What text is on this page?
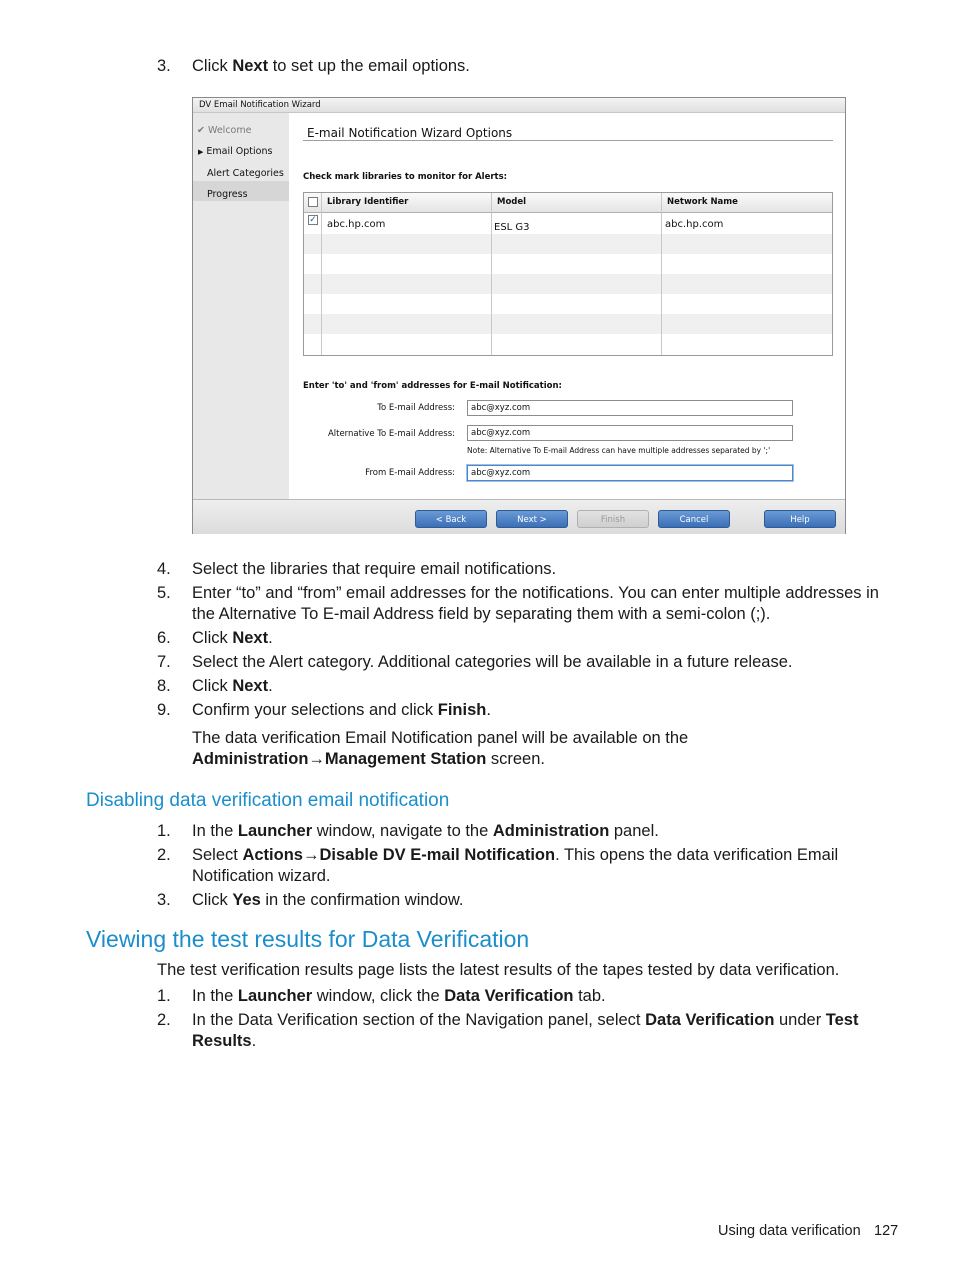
3.	Click Next to set up the email options.
DV Email Notification Wizard
✔ Welcome
▶ Email Options
Alert Categories
Progress
E-mail Notification Wizard Options
Check mark libraries to monitor for Alerts:
Library Identifier	Model	Network Name
✓ abc.hp.com	ESL G3	abc.hp.com
Enter 'to' and 'from' addresses for E-mail Notification:
To E-mail Address:	abc@xyz.com
Alternative To E-mail Address:	abc@xyz.com
Note: Alternative To E-mail Address can have multiple addresses separated by ';'
From E-mail Address:	abc@xyz.com
< Back	Next >	Finish	Cancel	Help
4.	Select the libraries that require email notifications.
5.	Enter “to” and “from” email addresses for the notifications. You can enter multiple addresses in the Alternative To E-mail Address field by separating them with a semi-colon (;).
6.	Click Next.
7.	Select the Alert category. Additional categories will be available in a future release.
8.	Click Next.
9.	Confirm your selections and click Finish.
The data verification Email Notification panel will be available on the Administration→Management Station screen.
Disabling data verification email notification
1.	In the Launcher window, navigate to the Administration panel.
2.	Select Actions→Disable DV E-mail Notification. This opens the data verification Email Notification wizard.
3.	Click Yes in the confirmation window.
Viewing the test results for Data Verification
The test verification results page lists the latest results of the tapes tested by data verification.
1.	In the Launcher window, click the Data Verification tab.
2.	In the Data Verification section of the Navigation panel, select Data Verification under Test Results.
Using data verification 127
